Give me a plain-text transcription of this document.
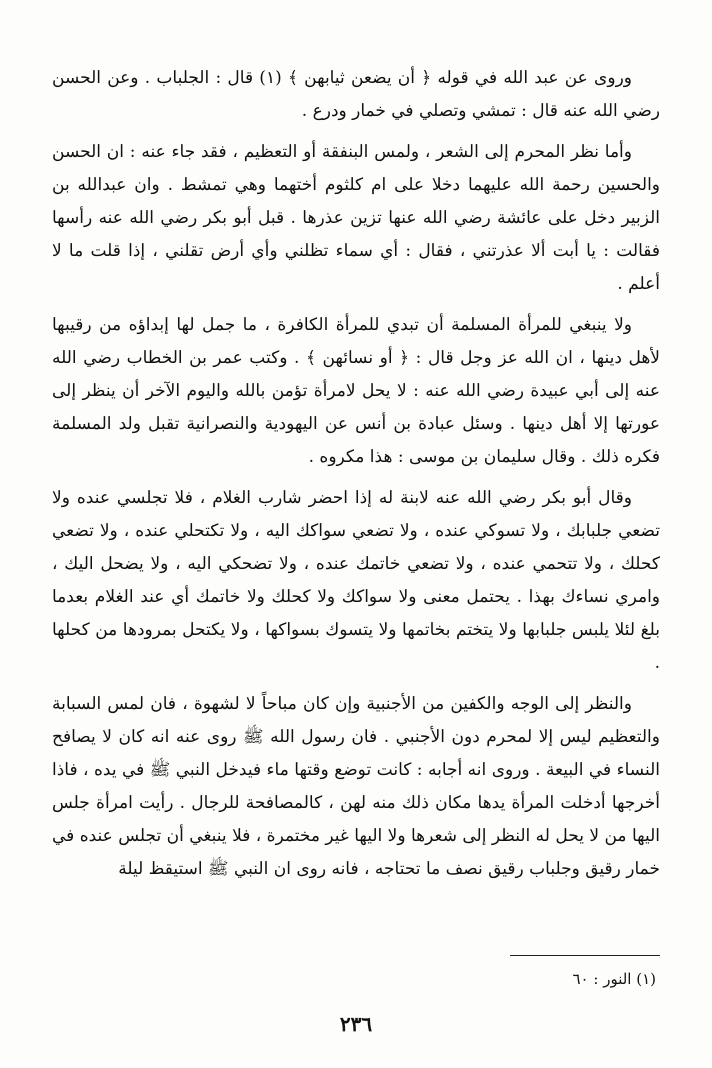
وروى عن عبد الله في قوله ﴿ أن يضعن ثيابهن ﴾ (١) قال : الجلباب . وعن الحسن رضي الله عنه قال : تمشي وتصلي في خمار ودرع .

وأما نظر المحرم إلى الشعر ، ولمس البنفقة أو التعظيم ، فقد جاء عنه : ان الحسن والحسين رحمة الله عليهما دخلا على ام كلثوم أختهما وهي تمشط . وان عبدالله بن الزبير دخل على عائشة رضي الله عنها تزين عذرها . قبل أبو بكر رضي الله عنه رأسها فقالت : يا أبت ألا عذرتني ، فقال : أي سماء تظلني وأي أرض تقلني ، إذا قلت ما لا أعلم .

ولا ينبغي للمرأة المسلمة أن تبدي للمرأة الكافرة ، ما جمل لها إبداؤه من رقيبها لأهل دينها ، ان الله عز وجل قال : ﴿ أو نسائهن ﴾ . وكتب عمر بن الخطاب رضي الله عنه إلى أبي عبيدة رضي الله عنه : لا يحل لامرأة تؤمن بالله واليوم الآخر أن ينظر إلى عورتها إلا أهل دينها . وسئل عبادة بن أنس عن اليهودية والنصرانية تقبل ولد المسلمة فكره ذلك . وقال سليمان بن موسى : هذا مكروه .

وقال أبو بكر رضي الله عنه لابنة له إذا احضر شارب الغلام ، فلا تجلسي عنده ولا تضعي جلبابك ، ولا تسوكي عنده ، ولا تضعي سواكك اليه ، ولا تكتحلي عنده ، ولا تضعي كحلك ، ولا تتحمي عنده ، ولا تضعي خاتمك عنده ، ولا تضحكي اليه ، ولا يضحل اليك ، وامري نساءك بهذا . يحتمل معنى ولا سواكك ولا كحلك ولا خاتمك أي عند الغلام بعدما بلغ لئلا يلبس جلبابها ولا يتختم بخاتمها ولا يتسوك بسواكها ، ولا يكتحل بمرودها من كحلها .

والنظر إلى الوجه والكفين من الأجنبية وإن كان مباحاً لا لشهوة ، فان لمس السبابة والتعظيم ليس إلا لمحرم دون الأجنبي . فان رسول الله ﷺ روى عنه انه كان لا يصافح النساء في البيعة . وروى انه أجابه : كانت توضع وقتها ماء فيدخل النبي ﷺ في يده ، فاذا أخرجها أدخلت المرأة يدها مكان ذلك منه لهن ، كالمصافحة للرجال . رأيت امرأة جلس اليها من لا يحل له النظر إلى شعرها ولا اليها غير مختمرة ، فلا ينبغي أن تجلس عنده في خمار رقيق وجلباب رقيق نصف ما تحتاجه ، فانه روى ان النبي ﷺ استيقظ ليلة

(١) النور : ٦٠
٢٣٦
